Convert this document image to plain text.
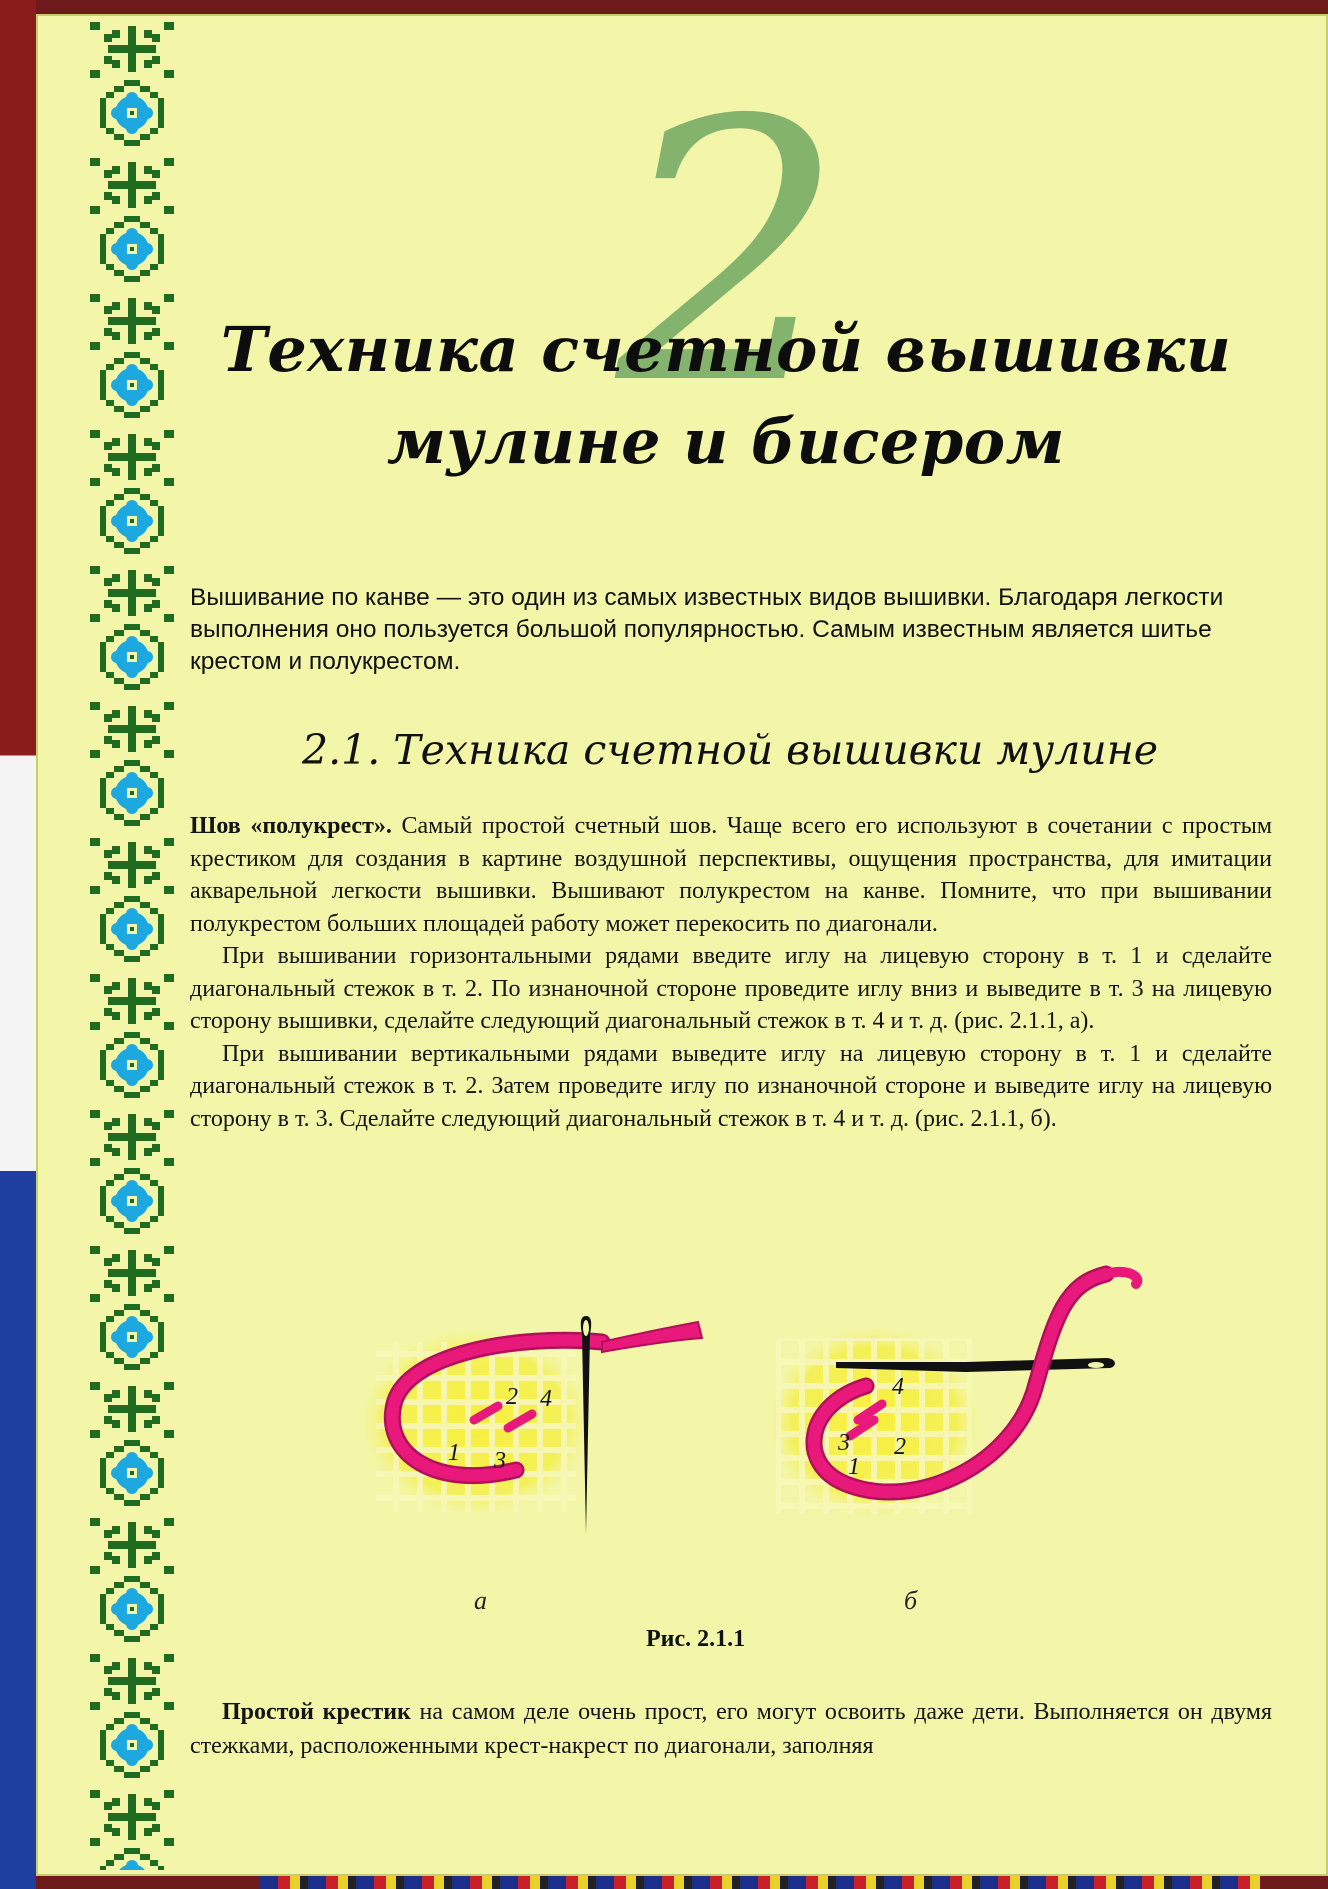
2
Техника счетной вышивки
мулине и бисером
Вышивание по канве — это один из самых известных видов вышивки. Благодаря легкости выполнения оно пользуется большой популярностью. Самым известным является шитье крестом и полукрестом.
2.1. Техника счетной вышивки мулине

Шов «полукрест». Самый простой счетный шов. Чаще всего его используют в сочетании с простым крестиком для создания в картине воздушной перспективы, ощущения пространства, для имитации акварельной легкости вышивки. Вышивают полукрестом на канве. Помните, что при вышивании полукрестом больших площадей работу может перекосить по диагонали.

При вышивании горизонтальными рядами введите иглу на лицевую сторону в т. 1 и сделайте диагональный стежок в т. 2. По изнаночной стороне проведите иглу вниз и выведите в т. 3 на лицевую сторону вышивки, сделайте следующий диагональный стежок в т. 4 и т. д. (рис. 2.1.1, а).

При вышивании вертикальными рядами выведите иглу на лицевую сторону в т. 1 и сделайте диагональный стежок в т. 2. Затем проведите иглу по изнаночной стороне и выведите иглу на лицевую сторону в т. 3. Сделайте следующий диагональный стежок в т. 4 и т. д. (рис. 2.1.1, б).

1
2
3
4
1
2
3
4
а	б
Рис. 2.1.1

Простой крестик на самом деле очень прост, его могут освоить даже дети. Выполняется он двумя стежками, расположенными крест-накрест по диагонали, заполняя
